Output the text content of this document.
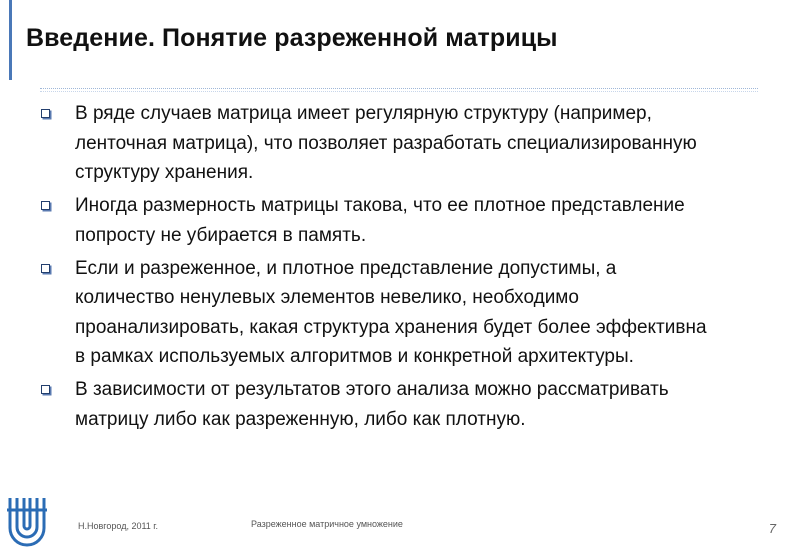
Введение. Понятие разреженной матрицы
В ряде случаев матрица имеет регулярную структуру (например, ленточная матрица), что позволяет разработать специализированную структуру хранения.
Иногда размерность матрицы такова, что ее плотное представление попросту не убирается в память.
Если и разреженное, и плотное представление допустимы, а количество ненулевых элементов невелико, необходимо проанализировать, какая структура хранения будет более эффективна в рамках используемых алгоритмов и конкретной архитектуры.
В зависимости от результатов этого анализа можно рассматривать матрицу либо как разреженную, либо как плотную.
Н.Новгород, 2011 г.	Разреженное матричное умножение	7
